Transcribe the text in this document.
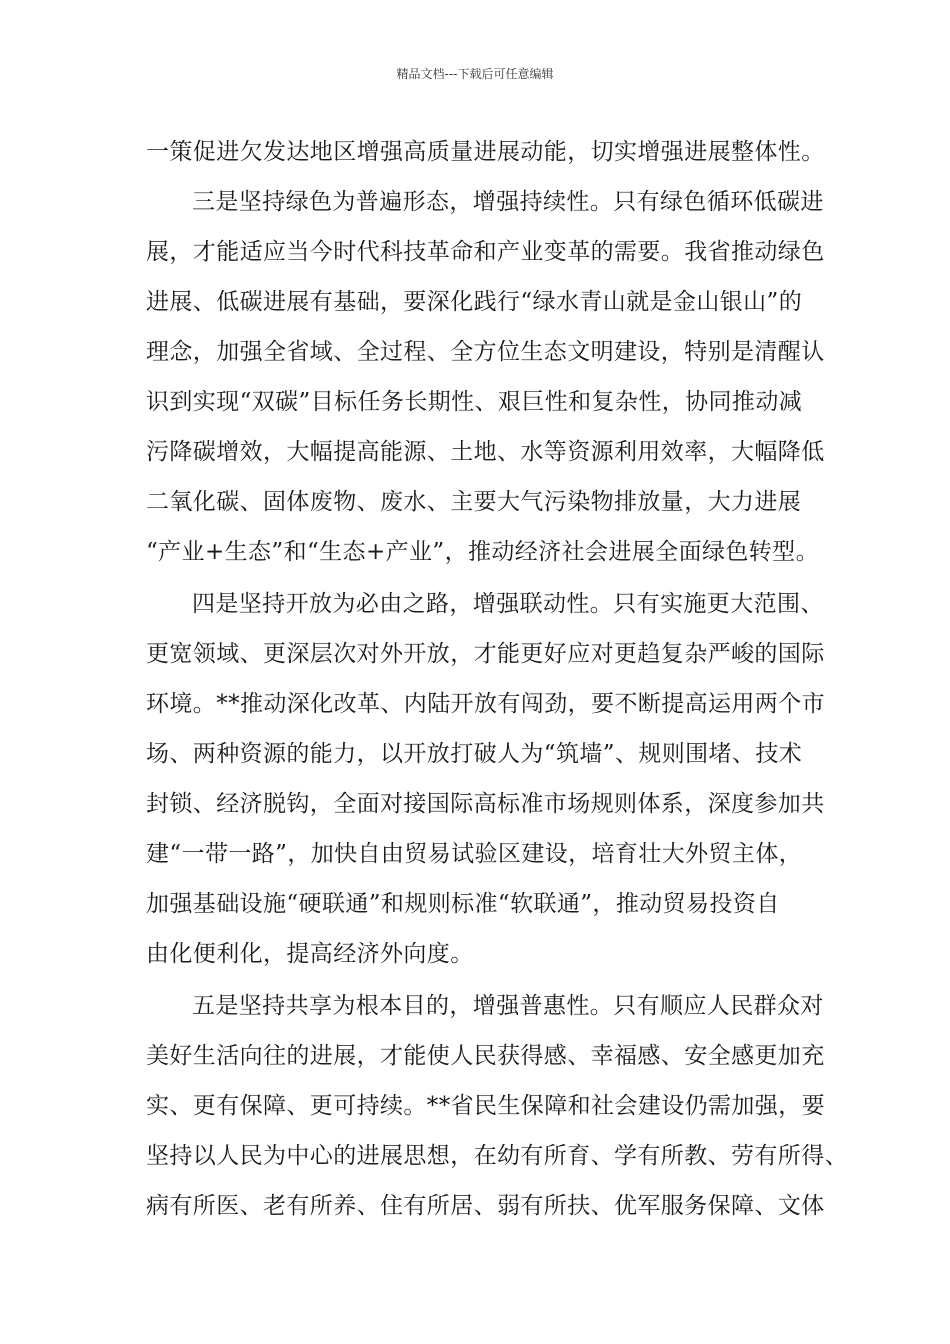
精品文档---下载后可任意编辑
一策促进欠发达地区增强高质量进展动能，切实增强进展整体性。
三是坚持绿色为普遍形态，增强持续性。只有绿色循环低碳进
展，才能适应当今时代科技革命和产业变革的需要。我省推动绿色
进展、低碳进展有基础，要深化践行“绿水青山就是金山银山”的
理念，加强全省域、全过程、全方位生态文明建设，特别是清醒认
识到实现“双碳”目标任务长期性、艰巨性和复杂性，协同推动减
污降碳增效，大幅提高能源、土地、水等资源利用效率，大幅降低
二氧化碳、固体废物、废水、主要大气污染物排放量，大力进展
“产业+生态”和“生态+产业”，推动经济社会进展全面绿色转型。
四是坚持开放为必由之路，增强联动性。只有实施更大范围、
更宽领域、更深层次对外开放，才能更好应对更趋复杂严峻的国际
环境。**推动深化改革、内陆开放有闯劲，要不断提高运用两个市
场、两种资源的能力，以开放打破人为“筑墙”、规则围堵、技术
封锁、经济脱钩，全面对接国际高标准市场规则体系，深度参加共
建“一带一路”，加快自由贸易试验区建设，培育壮大外贸主体，
加强基础设施“硬联通”和规则标准“软联通”，推动贸易投资自
由化便利化，提高经济外向度。
五是坚持共享为根本目的，增强普惠性。只有顺应人民群众对
美好生活向往的进展，才能使人民获得感、幸福感、安全感更加充
实、更有保障、更可持续。**省民生保障和社会建设仍需加强，要
坚持以人民为中心的进展思想，在幼有所育、学有所教、劳有所得、
病有所医、老有所养、住有所居、弱有所扶、优军服务保障、文体
